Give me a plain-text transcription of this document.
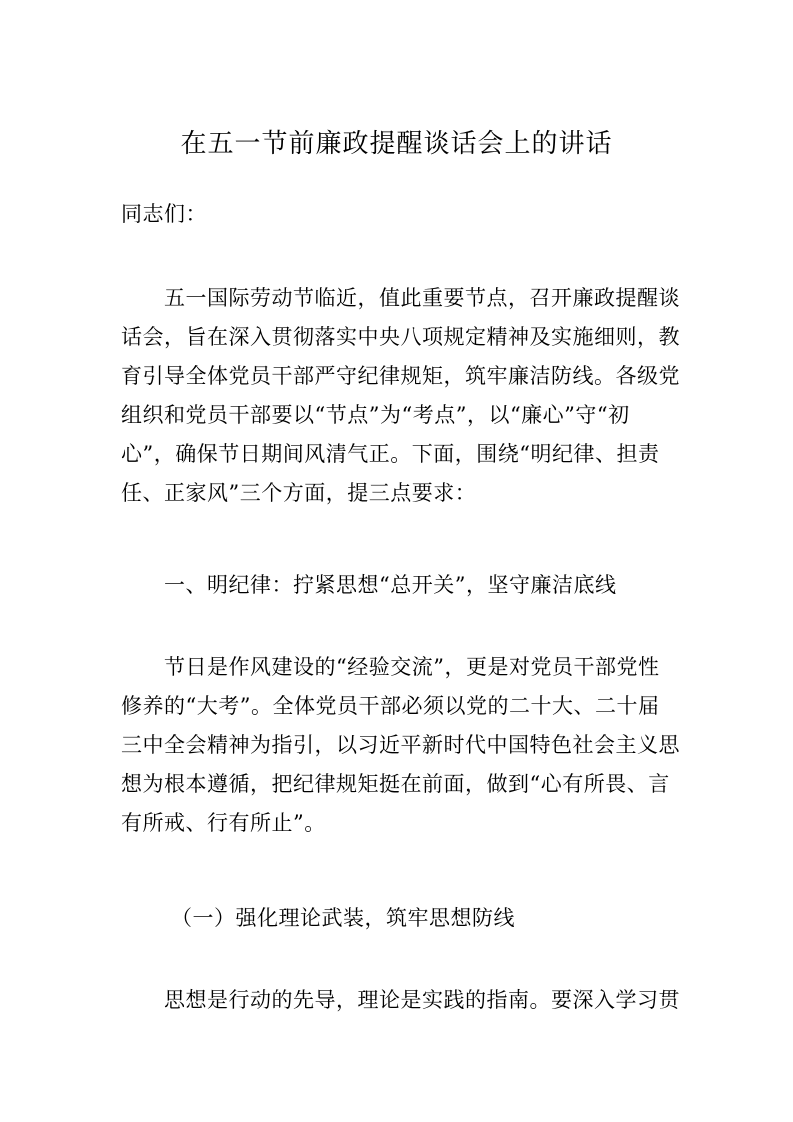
在五一节前廉政提醒谈话会上的讲话
同志们：
五一国际劳动节临近，值此重要节点，召开廉政提醒谈
话会，旨在深入贯彻落实中央八项规定精神及实施细则，教
育引导全体党员干部严守纪律规矩，筑牢廉洁防线。各级党
组织和党员干部要以“节点”为“考点”，以“廉心”守“初
心”，确保节日期间风清气正。下面，围绕“明纪律、担责
任、正家风”三个方面，提三点要求：
一、明纪律：拧紧思想“总开关”，坚守廉洁底线
节日是作风建设的“经验交流”，更是对党员干部党性
修养的“大考”。全体党员干部必须以党的二十大、二十届
三中全会精神为指引，以习近平新时代中国特色社会主义思
想为根本遵循，把纪律规矩挺在前面，做到“心有所畏、言
有所戒、行有所止”。
（一）强化理论武装，筑牢思想防线
思想是行动的先导，理论是实践的指南。要深入学习贯
